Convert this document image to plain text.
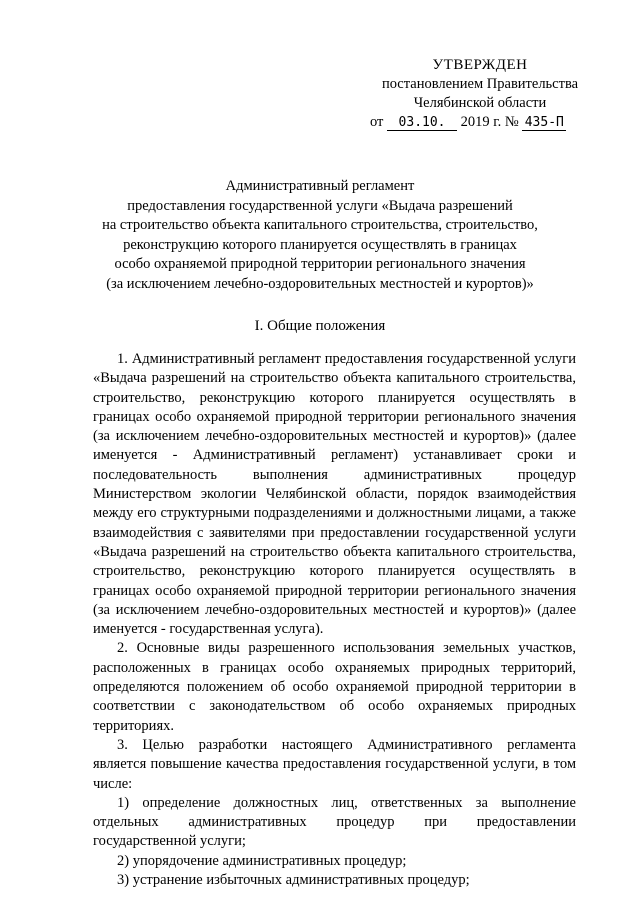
УТВЕРЖДЕН
постановлением Правительства
Челябинской области
от 03.10. 2019 г. № 435-П
Административный регламент
предоставления государственной услуги «Выдача разрешений
на строительство объекта капитального строительства, строительство,
реконструкцию которого планируется осуществлять в границах
особо охраняемой природной территории регионального значения
(за исключением лечебно-оздоровительных местностей и курортов)»
I. Общие положения

1. Административный регламент предоставления государственной услуги «Выдача разрешений на строительство объекта капитального строительства, строительство, реконструкцию которого планируется осуществлять в границах особо охраняемой природной территории регионального значения (за исключением лечебно-оздоровительных местностей и курортов)» (далее именуется - Административный регламент) устанавливает сроки и последовательность выполнения административных процедур Министерством экологии Челябинской области, порядок взаимодействия между его структурными подразделениями и должностными лицами, а также взаимодействия с заявителями при предоставлении государственной услуги «Выдача разрешений на строительство объекта капитального строительства, строительство, реконструкцию которого планируется осуществлять в границах особо охраняемой природной территории регионального значения (за исключением лечебно-оздоровительных местностей и курортов)» (далее именуется - государственная услуга).

2. Основные виды разрешенного использования земельных участков, расположенных в границах особо охраняемых природных территорий, определяются положением об особо охраняемой природной территории в соответствии с законодательством об особо охраняемых природных территориях.

3. Целью разработки настоящего Административного регламента является повышение качества предоставления государственной услуги, в том числе:

1) определение должностных лиц, ответственных за выполнение отдельных административных процедур при предоставлении государственной услуги;

2) упорядочение административных процедур;

3) устранение избыточных административных процедур;
